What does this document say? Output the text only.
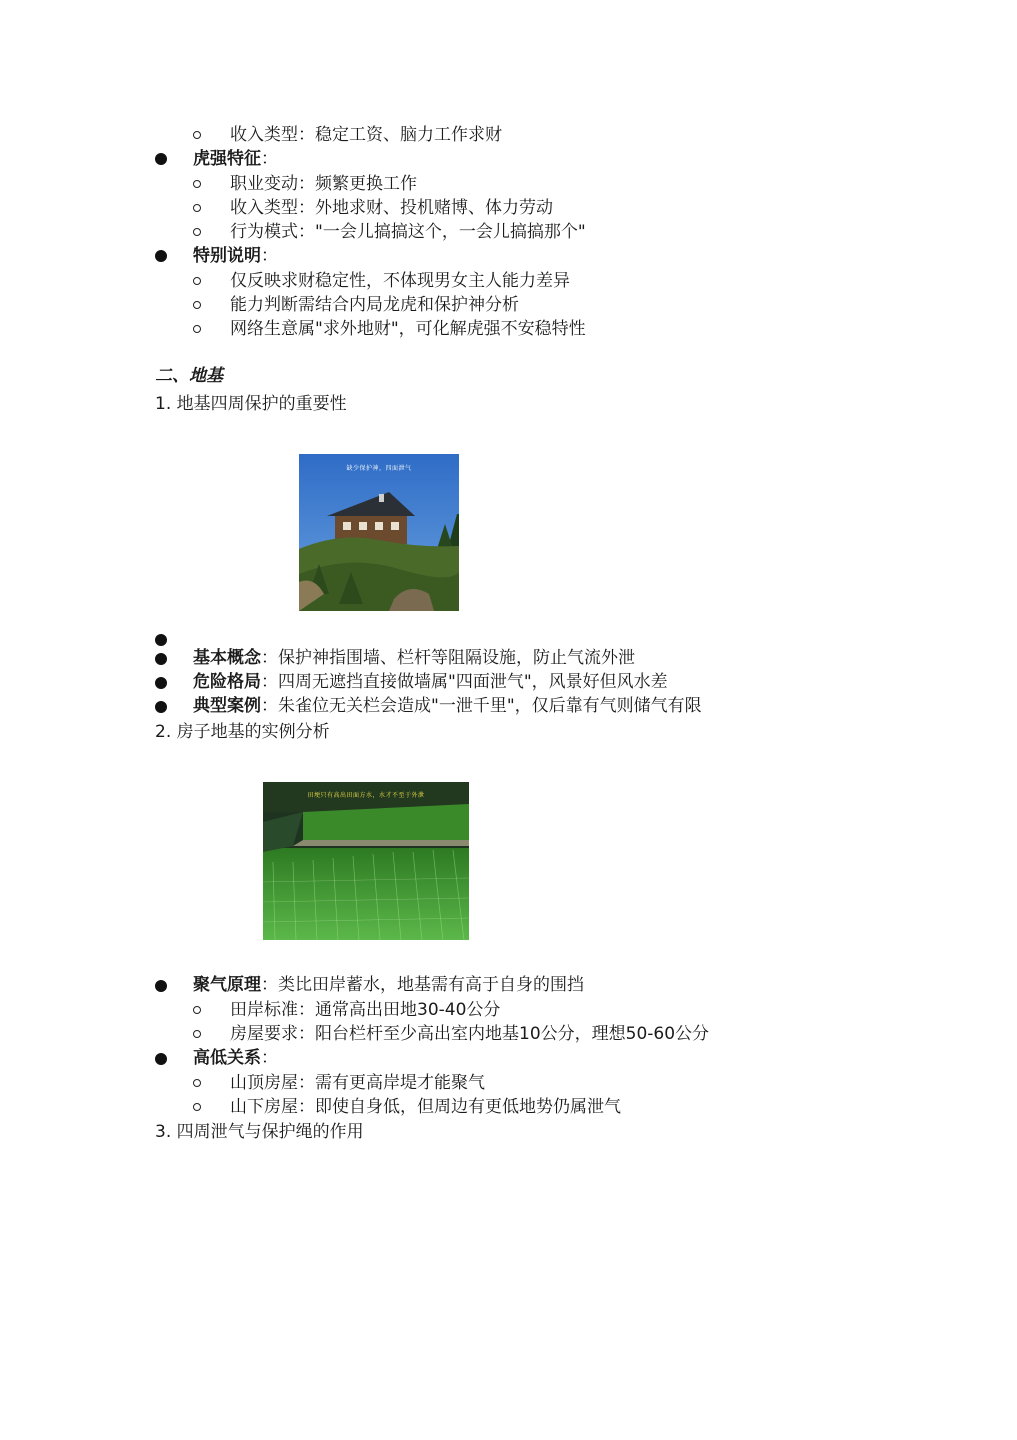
收入类型：稳定工资、脑力工作求财
虎强特征：
职业变动：频繁更换工作
收入类型：外地求财、投机赌博、体力劳动
行为模式："一会儿搞搞这个，一会儿搞搞那个"
特别说明：
仅反映求财稳定性，不体现男女主人能力差异
能力判断需结合内局龙虎和保护神分析
网络生意属"求外地财"，可化解虎强不安稳特性
二、地基
1. 地基四周保护的重要性
缺少保护神，四面泄气
基本概念：保护神指围墙、栏杆等阻隔设施，防止气流外泄
危险格局：四周无遮挡直接做墙属"四面泄气"，风景好但风水差
典型案例：朱雀位无关栏会造成"一泄千里"，仅后靠有气则储气有限
2. 房子地基的实例分析
田埂只有高出田面方水，水才不至于外泄
聚气原理：类比田岸蓄水，地基需有高于自身的围挡
田岸标准：通常高出田地30-40公分
房屋要求：阳台栏杆至少高出室内地基10公分，理想50-60公分
高低关系：
山顶房屋：需有更高岸堤才能聚气
山下房屋：即使自身低，但周边有更低地势仍属泄气
3. 四周泄气与保护绳的作用
